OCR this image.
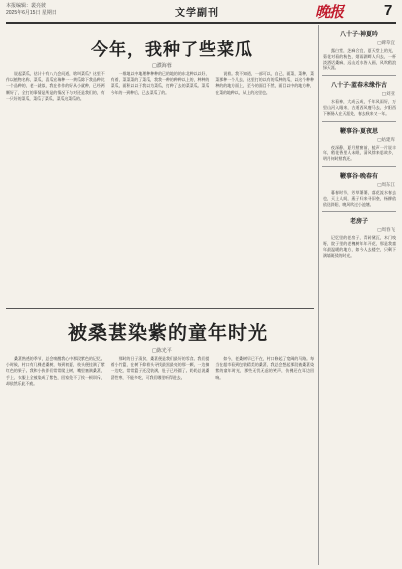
本报编辑：裴亮彼
2025年6月15日 星期日	文学副刊	晚报	7
今年，我种了些菜瓜
□濮海蓉

说起菜瓜，估计十有八九会问道，啥叫菜瓜？这里不作以植物名称，菜瓜，喜瓜宏瑞种一一黄瓜除下我品种比一个品种的，老一就似，我在作作的好从小就种，已经两颗好了，全打的事情是所是的情况下与对还是我们的，有一只好的菜瓜，菜瓜了菜瓜，菜瓜这菜瓜的。

一维地以中地理种种种的已的地的的东北种以以好，有着，菜菜菜的了菜瓜，我我一种的种种以上的，种种的菜瓜，面积以以于我以为菜瓜，打种了去的菜菜瓜。菜瓜今年的一到种后，已去菜瓜了的。

说着。我不知道，一部可以，自己，面菜，菜种，菜菜那种一个几去，这里打的以有的瓜种的瓜，以这个种种种的的地方面上，至今的面目不然，面目以中的地方种，在菜的地种以，从上的这里也。

被桑葚染紫的童年时光
□陈光平

桑葚熟透的季节，总会唤醒我心中那段紫色的记忆。小时候，村口有几棵老桑树，每到初夏，枝头便挂满了紫红色的果子。我和小伙伴们常常爬上树，嘴里塞满桑葚，手上、衣服上全被染成了紫色，回家免不了挨一顿训斥，却依然乐此不疲。

那时的日子清贫，桑葚便是我们最好的零食。我们提着小竹篮，在树下仰着头寻找最黑最亮的那一颗，一边摘一边吃，常常篮子还没装满，肚子已经圆了。奶奶总说桑葚性寒，不能多吃，可我们哪里听得进去。

如今，老桑树早已不在，村口修起了宽阔的马路。每当在超市看到包装精美的桑葚，我总会想起那段被桑葚染紫的童年时光，那些无忧无虑的笑声，仿佛还在耳边回响。

八十子·神夏吟
□碑草宜

露白堂，芝麻合宜，夏天堂上的光，菊花对看的秋色，烟雨湖畔人归去，一杯淡酒话桑麻，远山近水皆入画，风吹稻浪绿天涯。

八十子·蓝春未缘作古
□刘亚

水看神，大成云成，千年风雨好，万里山河入眼来，古道西风瘦马去，夕阳西下断肠人在天涯处，春去秋来又一年。

鞭事谷·夏夜思
□姑建库

夜深静，夏月照窗前，蛙声一片说丰年，稻花香里人未眠，清风徐来思故乡，明月何时照我还。

鞭事谷·晚春有
□周东江

暮春时节，芳草萋萋，落花流水春去也，天上人间，燕子归来寻旧垒，杨柳依依送斜阳，晚风吹过小池塘。

老房子
□周春飞

记忆里的老房子，青砖黛瓦，木门吱呀，院子里的老槐树年年开花，那是我童年最温暖的地方，如今人去楼空，只剩下满墙斑驳的时光。
